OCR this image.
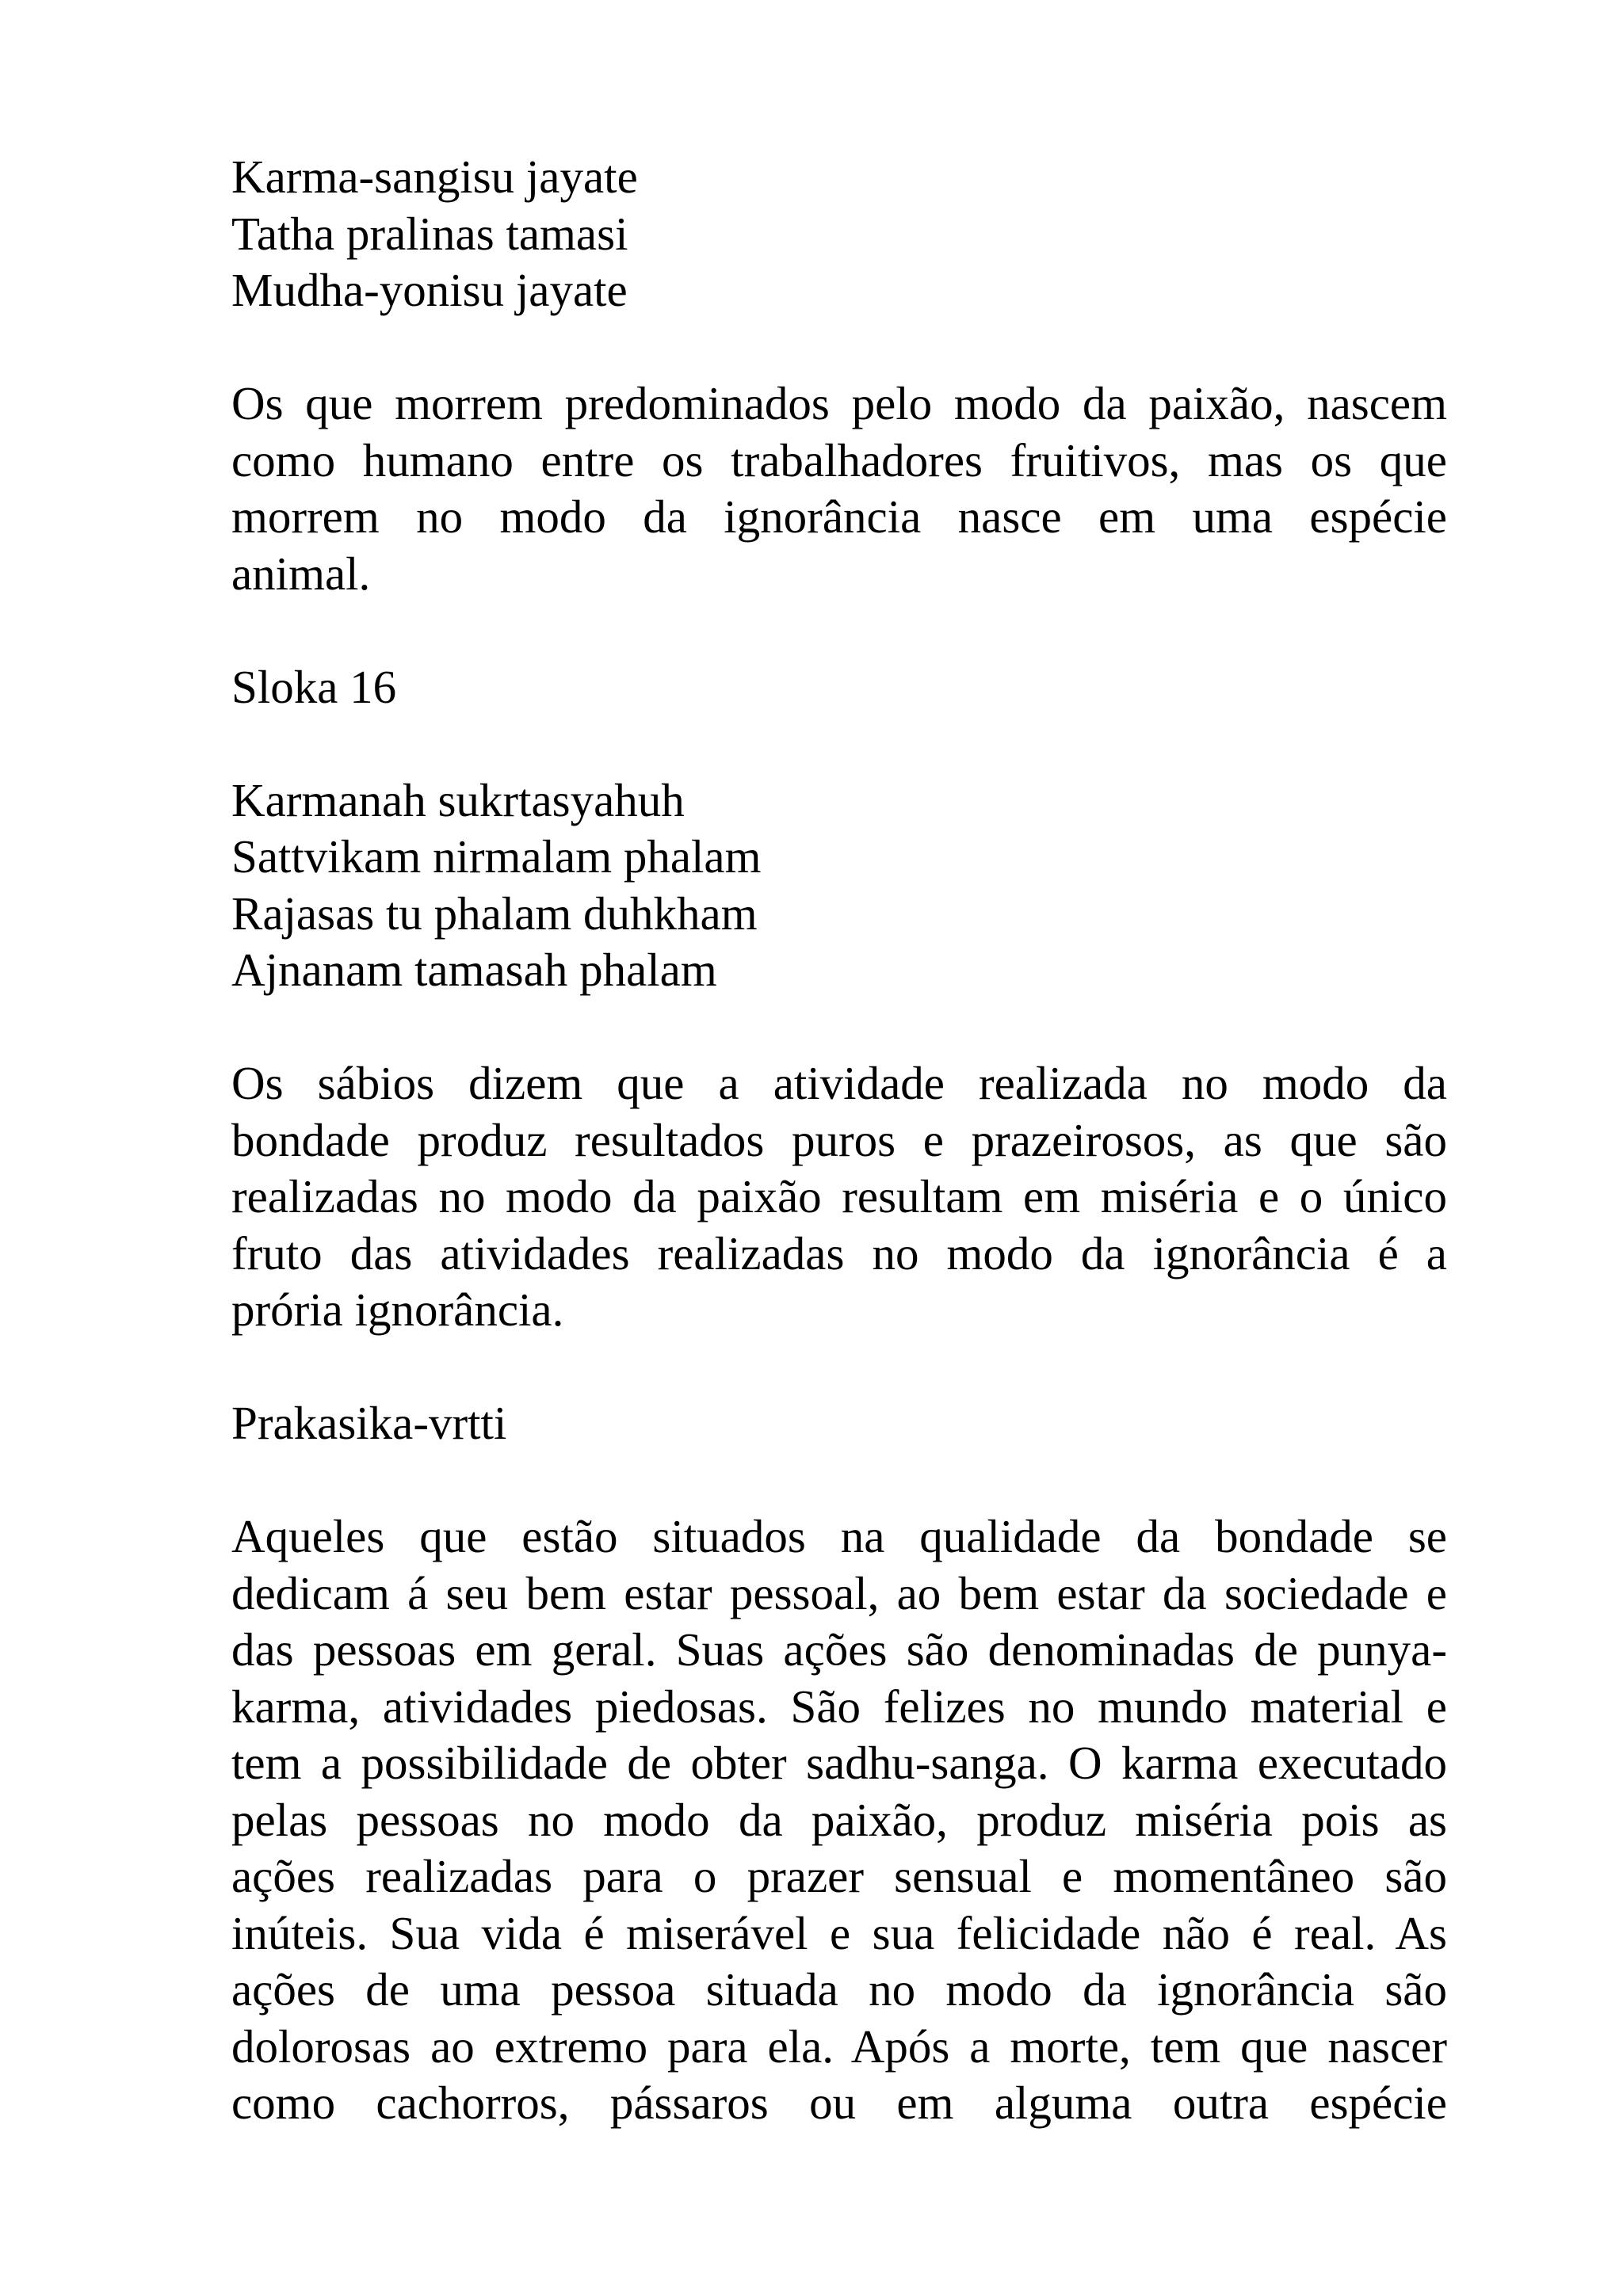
Karma-sangisu jayate
Tatha pralinas tamasi
Mudha-yonisu jayate
Os que morrem predominados pelo modo da paixão, nascem
como humano entre os trabalhadores fruitivos, mas os que
morrem no modo da ignorância nasce em uma espécie
animal.
Sloka 16
Karmanah sukrtasyahuh
Sattvikam nirmalam phalam
Rajasas tu phalam duhkham
Ajnanam tamasah phalam
Os sábios dizem que a atividade realizada no modo da
bondade produz resultados puros e prazeirosos, as que são
realizadas no modo da paixão resultam em miséria e o único
fruto das atividades realizadas no modo da ignorância é a
prória ignorância.
Prakasika-vrtti
Aqueles que estão situados na qualidade da bondade se
dedicam á seu bem estar pessoal, ao bem estar da sociedade e
das pessoas em geral. Suas ações são denominadas de punya-
karma, atividades piedosas. São felizes no mundo material e
tem a possibilidade de obter sadhu-sanga. O karma executado
pelas pessoas no modo da paixão, produz miséria pois as
ações realizadas para o prazer sensual e momentâneo são
inúteis. Sua vida é miserável e sua felicidade não é real. As
ações de uma pessoa situada no modo da ignorância são
dolorosas ao extremo para ela. Após a morte, tem que nascer
como cachorros, pássaros ou em alguma outra espécie
